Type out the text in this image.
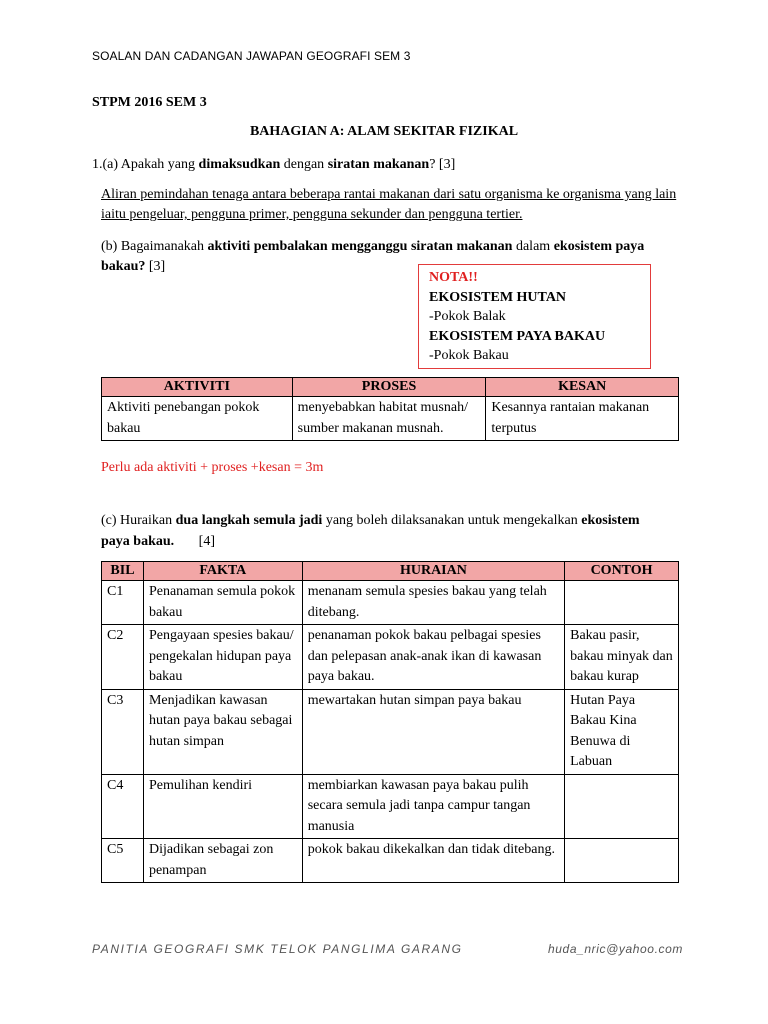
SOALAN DAN CADANGAN JAWAPAN GEOGRAFI SEM 3
STPM 2016 SEM 3
BAHAGIAN A: ALAM SEKITAR FIZIKAL
1.(a) Apakah yang dimaksudkan dengan siratan makanan? [3]
Aliran pemindahan tenaga antara beberapa rantai makanan dari satu organisma ke organisma yang lain iaitu pengeluar, pengguna primer, pengguna sekunder dan pengguna tertier.
(b) Bagaimanakah aktiviti pembalakan mengganggu siratan makanan dalam ekosistem paya bakau? [3]
NOTA!!
EKOSISTEM HUTAN
-Pokok Balak
EKOSISTEM PAYA BAKAU
-Pokok Bakau
AKTIVITI	PROSES	KESAN
Aktiviti penebangan pokok bakau	menyebabkan habitat musnah/ sumber makanan musnah.	Kesannya rantaian makanan terputus
Perlu ada aktiviti + proses +kesan = 3m
(c) Huraikan dua langkah semula jadi yang boleh dilaksanakan untuk mengekalkan ekosistem paya bakau.       [4]
BIL	FAKTA	HURAIAN	CONTOH
C1	Penanaman semula pokok bakau	menanam semula spesies bakau yang telah ditebang.	
C2	Pengayaan spesies bakau/ pengekalan hidupan paya bakau	penanaman pokok bakau pelbagai spesies dan pelepasan anak-anak ikan di kawasan paya bakau.	Bakau pasir, bakau minyak dan bakau kurap
C3	Menjadikan kawasan hutan paya bakau sebagai hutan simpan	mewartakan hutan simpan paya bakau	Hutan Paya Bakau Kina Benuwa di Labuan
C4	Pemulihan kendiri	membiarkan kawasan paya bakau pulih secara semula jadi tanpa campur tangan manusia	
C5	Dijadikan sebagai zon penampan	pokok bakau dikekalkan dan tidak ditebang.	
PANITIA GEOGRAFI SMK TELOK PANGLIMA GARANG	huda_nric@yahoo.com
